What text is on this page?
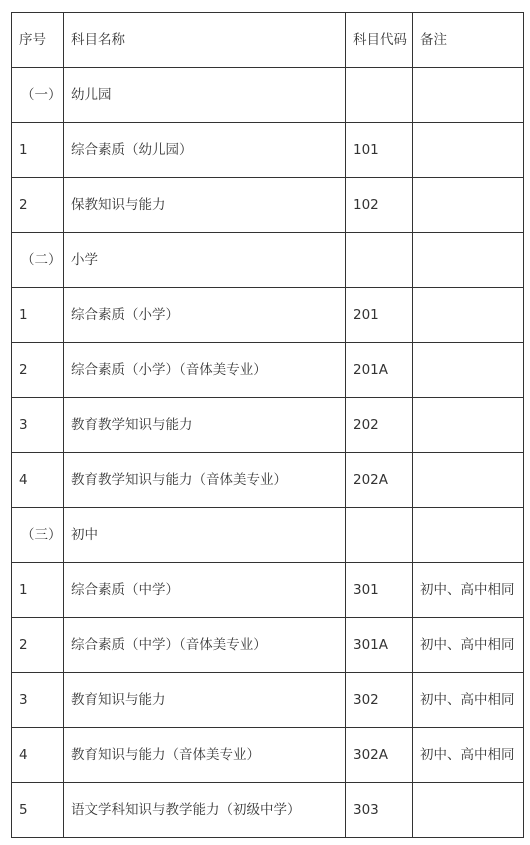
序号	科目名称	科目代码	备注
（一）	幼儿园		
1	综合素质（幼儿园）	101	
2	保教知识与能力	102	
（二）	小学		
1	综合素质（小学）	201	
2	综合素质（小学）（音体美专业）	201A	
3	教育教学知识与能力	202	
4	教育教学知识与能力（音体美专业）	202A	
（三）	初中		
1	综合素质（中学）	301	初中、高中相同
2	综合素质（中学）（音体美专业）	301A	初中、高中相同
3	教育知识与能力	302	初中、高中相同
4	教育知识与能力（音体美专业）	302A	初中、高中相同
5	语文学科知识与教学能力（初级中学）	303	
